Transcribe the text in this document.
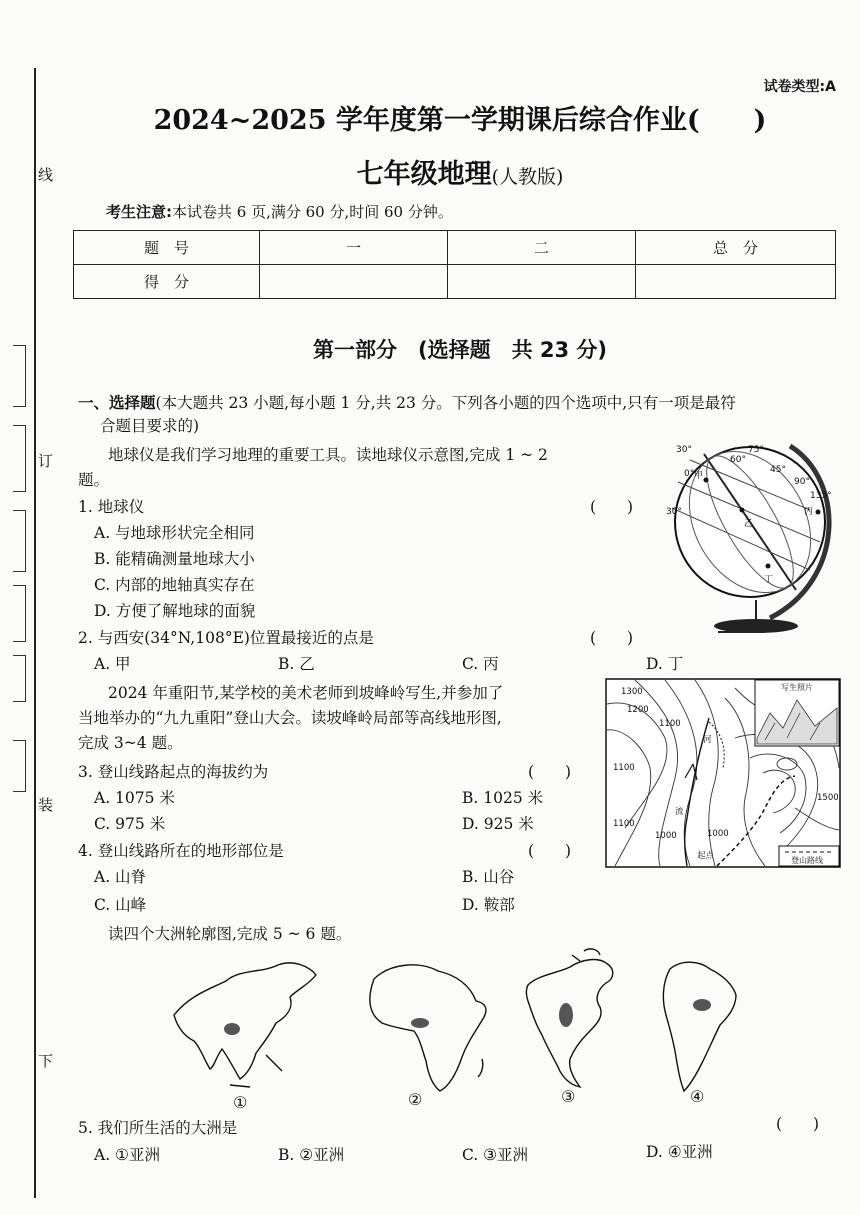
线
订
装
下
试卷类型:A
2024~2025 学年度第一学期课后综合作业(　　)
七年级地理(人教版)
考生注意:本试卷共 6 页,满分 60 分,时间 60 分钟。
题　号	一	二	总　分
得　分			
第一部分　(选择题　共 23 分)
一、选择题(本大题共 23 小题,每小题 1 分,共 23 分。下列各小题的四个选项中,只有一项是最符
合题目要求的)
地球仪是我们学习地理的重要工具。读地球仪示意图,完成 1 ~ 2
题。
1. 地球仪	(　　)
A. 与地球形状完全相同
B. 能精确测量地球大小
C. 内部的地轴真实存在
D. 方便了解地球的面貌
2. 与西安(34°N,108°E)位置最接近的点是	(　　)
A. 甲	B. 乙	C. 丙	D. 丁
30°
0°
30°
60°
45°
90°
135°
75°
甲
乙
丙
丁
2024 年重阳节,某学校的美术老师到坡峰岭写生,并参加了
当地举办的“九九重阳”登山大会。读坡峰岭局部等高线地形图,
完成 3~4 题。
3. 登山线路起点的海拔约为	(　　)
A. 1075 米	B. 1025 米
C. 975 米	D. 925 米
4. 登山线路所在的地形部位是	(　　)
A. 山脊	B. 山谷
C. 山峰	D. 鞍部
写生照片
登山路线
1300
1200
1100
1100
1100
1000	1000
1500
河
流
起点
读四个大洲轮廓图,完成 5 ~ 6 题。
①	②	③	④
5. 我们所生活的大洲是	(　　)
A. ①亚洲	B. ②亚洲	C. ③亚洲	D. ④亚洲
